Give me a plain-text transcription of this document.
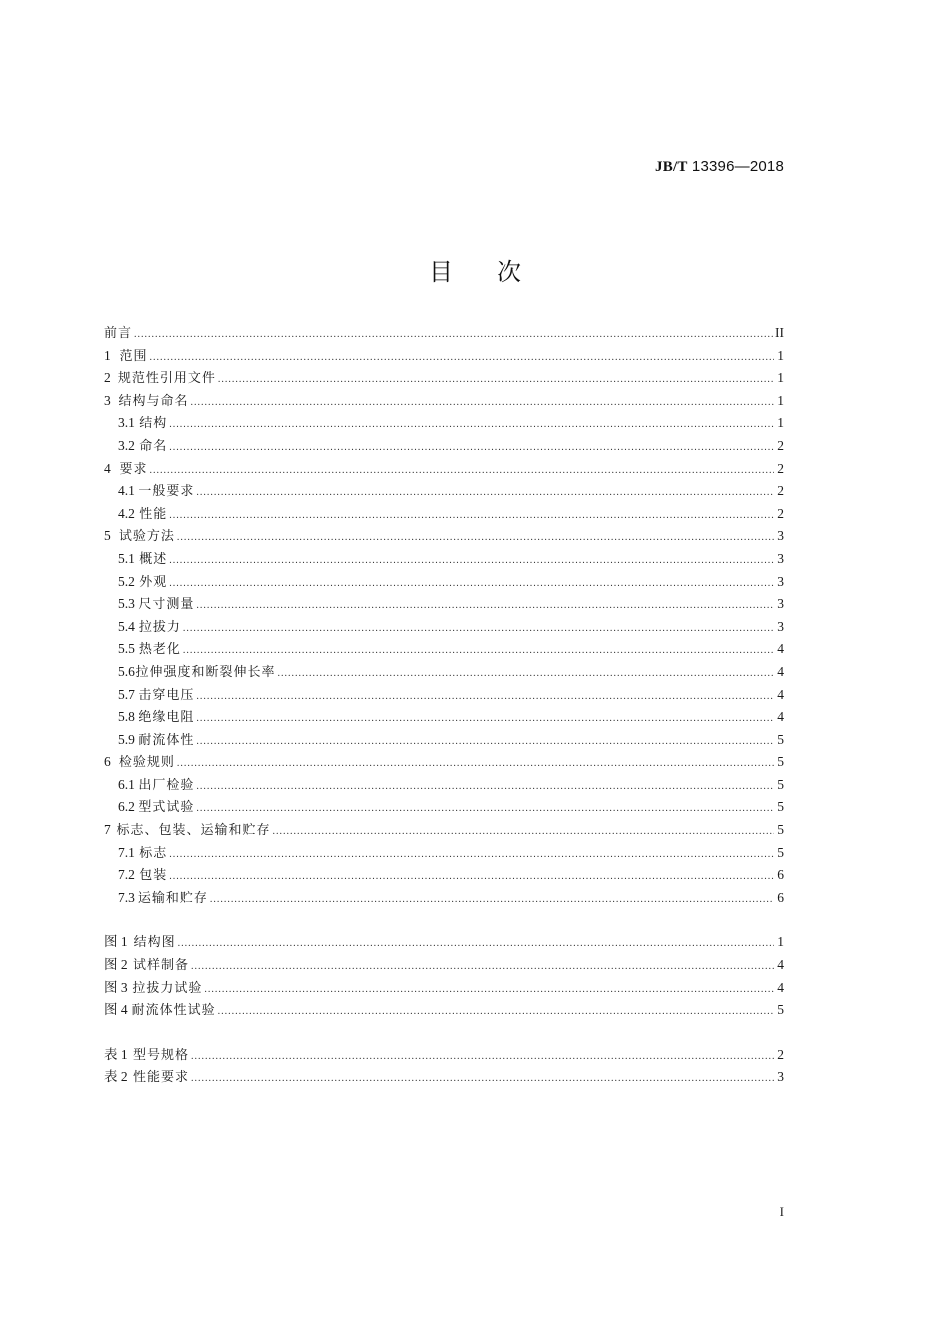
JB/T 13396—2018
目 次
前言 .....	II
1 范围 .....	1
2 规范性引用文件 .....	1
3 结构与命名 .....	1
3.1 结构 .....	1
3.2 命名 .....	2
4 要求 .....	2
4.1 一般要求 .....	2
4.2 性能 .....	2
5 试验方法 .....	3
5.1 概述 .....	3
5.2 外观 .....	3
5.3 尺寸测量 .....	3
5.4 拉拔力 .....	3
5.5 热老化 .....	4
5.6 拉伸强度和断裂伸长率 .....	4
5.7 击穿电压 .....	4
5.8 绝缘电阻 .....	4
5.9 耐流体性 .....	5
6 检验规则 .....	5
6.1 出厂检验 .....	5
6.2 型式试验 .....	5
7 标志、包装、运输和贮存 .....	5
7.1 标志 .....	5
7.2 包装 .....	6
7.3 运输和贮存 .....	6
图 1 结构图 .....	1
图 2 试样制备 .....	4
图 3 拉拔力试验 .....	4
图 4 耐流体性试验 .....	5
表 1 型号规格 .....	2
表 2 性能要求 .....	3
I
